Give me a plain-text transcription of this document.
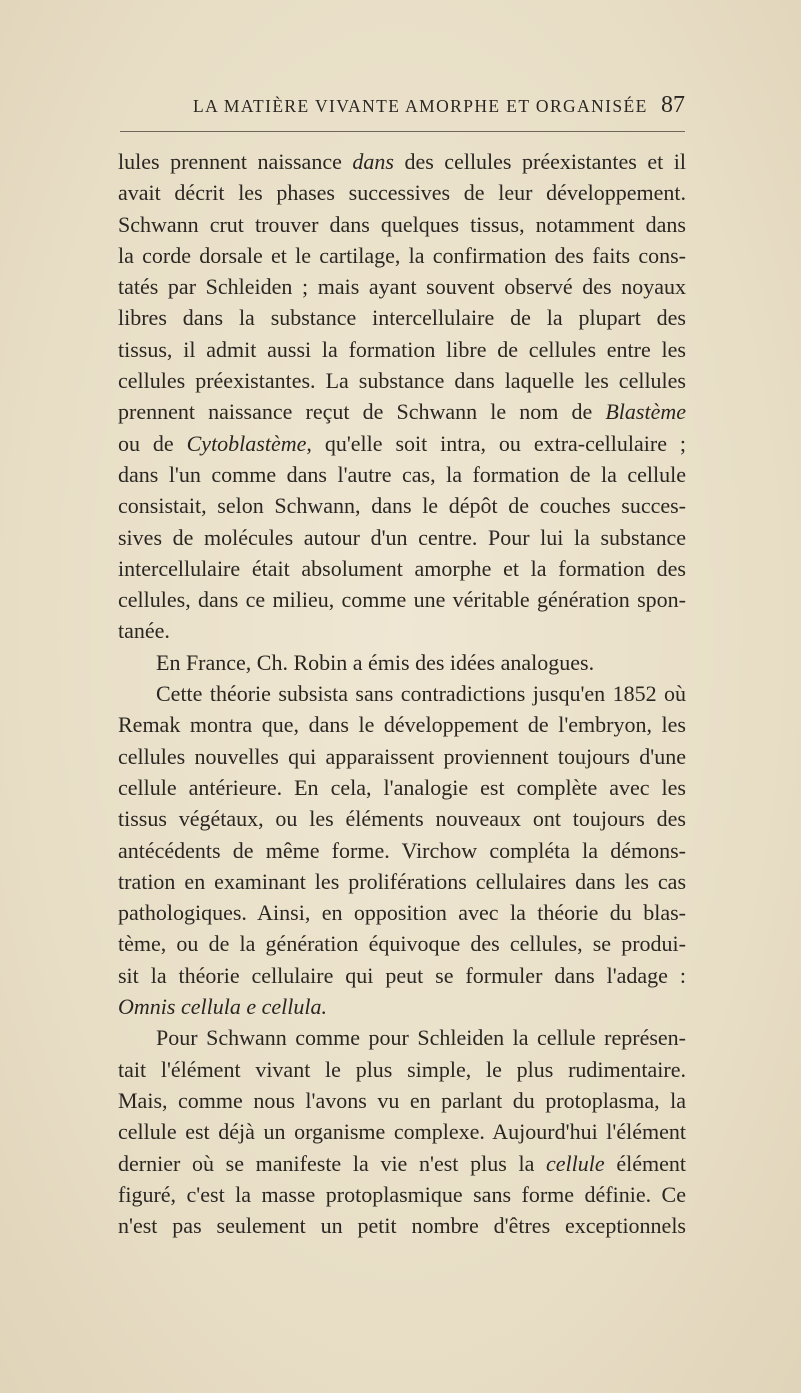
LA MATIÈRE VIVANTE AMORPHE ET ORGANISÉE 87
lules prennent naissance dans des cellules préexistantes et il
avait décrit les phases successives de leur développement.
Schwann crut trouver dans quelques tissus, notamment dans
la corde dorsale et le cartilage, la confirmation des faits cons-
tatés par Schleiden ; mais ayant souvent observé des noyaux
libres dans la substance intercellulaire de la plupart des
tissus, il admit aussi la formation libre de cellules entre les
cellules préexistantes. La substance dans laquelle les cellules
prennent naissance reçut de Schwann le nom de Blastème
ou de Cytoblastème, qu'elle soit intra, ou extra-cellulaire ;
dans l'un comme dans l'autre cas, la formation de la cellule
consistait, selon Schwann, dans le dépôt de couches succes-
sives de molécules autour d'un centre. Pour lui la substance
intercellulaire était absolument amorphe et la formation des
cellules, dans ce milieu, comme une véritable génération spon-
tanée.
En France, Ch. Robin a émis des idées analogues.
Cette théorie subsista sans contradictions jusqu'en 1852 où
Remak montra que, dans le développement de l'embryon, les
cellules nouvelles qui apparaissent proviennent toujours d'une
cellule antérieure. En cela, l'analogie est complète avec les
tissus végétaux, ou les éléments nouveaux ont toujours des
antécédents de même forme. Virchow compléta la démons-
tration en examinant les proliférations cellulaires dans les cas
pathologiques. Ainsi, en opposition avec la théorie du blas-
tème, ou de la génération équivoque des cellules, se produi-
sit la théorie cellulaire qui peut se formuler dans l'adage :
Omnis cellula e cellula.
Pour Schwann comme pour Schleiden la cellule représen-
tait l'élément vivant le plus simple, le plus rudimentaire.
Mais, comme nous l'avons vu en parlant du protoplasma, la
cellule est déjà un organisme complexe. Aujourd'hui l'élément
dernier où se manifeste la vie n'est plus la cellule élément
figuré, c'est la masse protoplasmique sans forme définie. Ce
n'est pas seulement un petit nombre d'êtres exceptionnels
